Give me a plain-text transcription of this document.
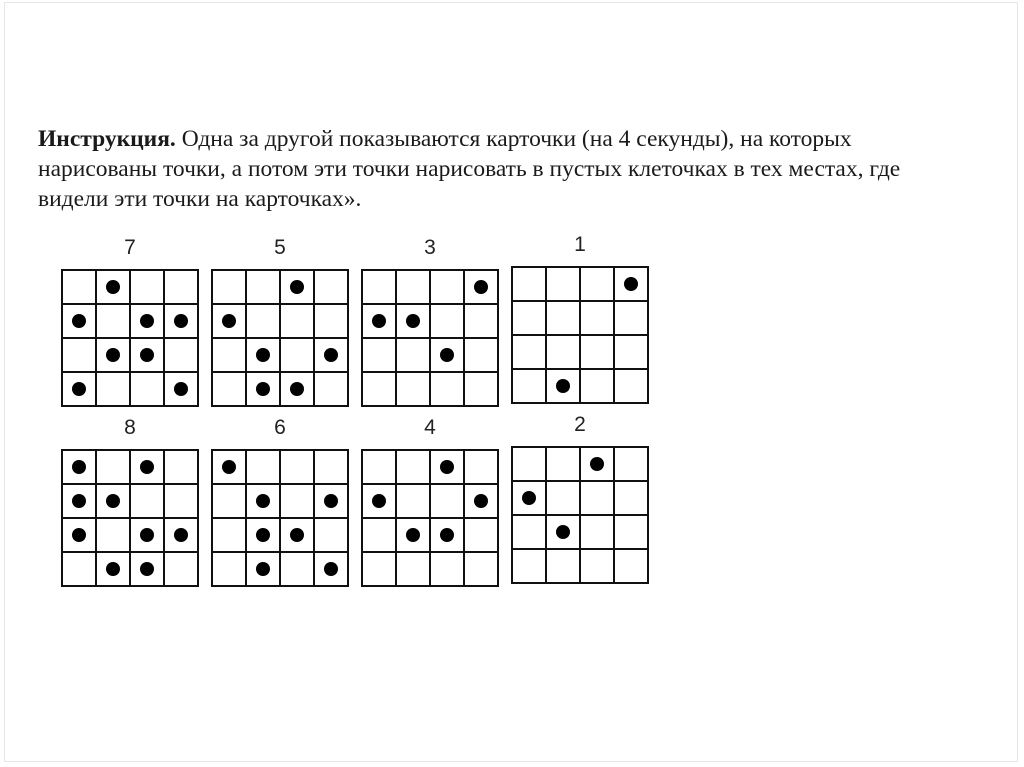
Инструкция. Одна за другой показываются карточки (на 4 секунды), на которых
нарисованы точки, а потом эти точки нарисовать в пустых клеточках в тех местах, где
видели эти точки на карточках».
7	5	3	1
8	6	4	2
